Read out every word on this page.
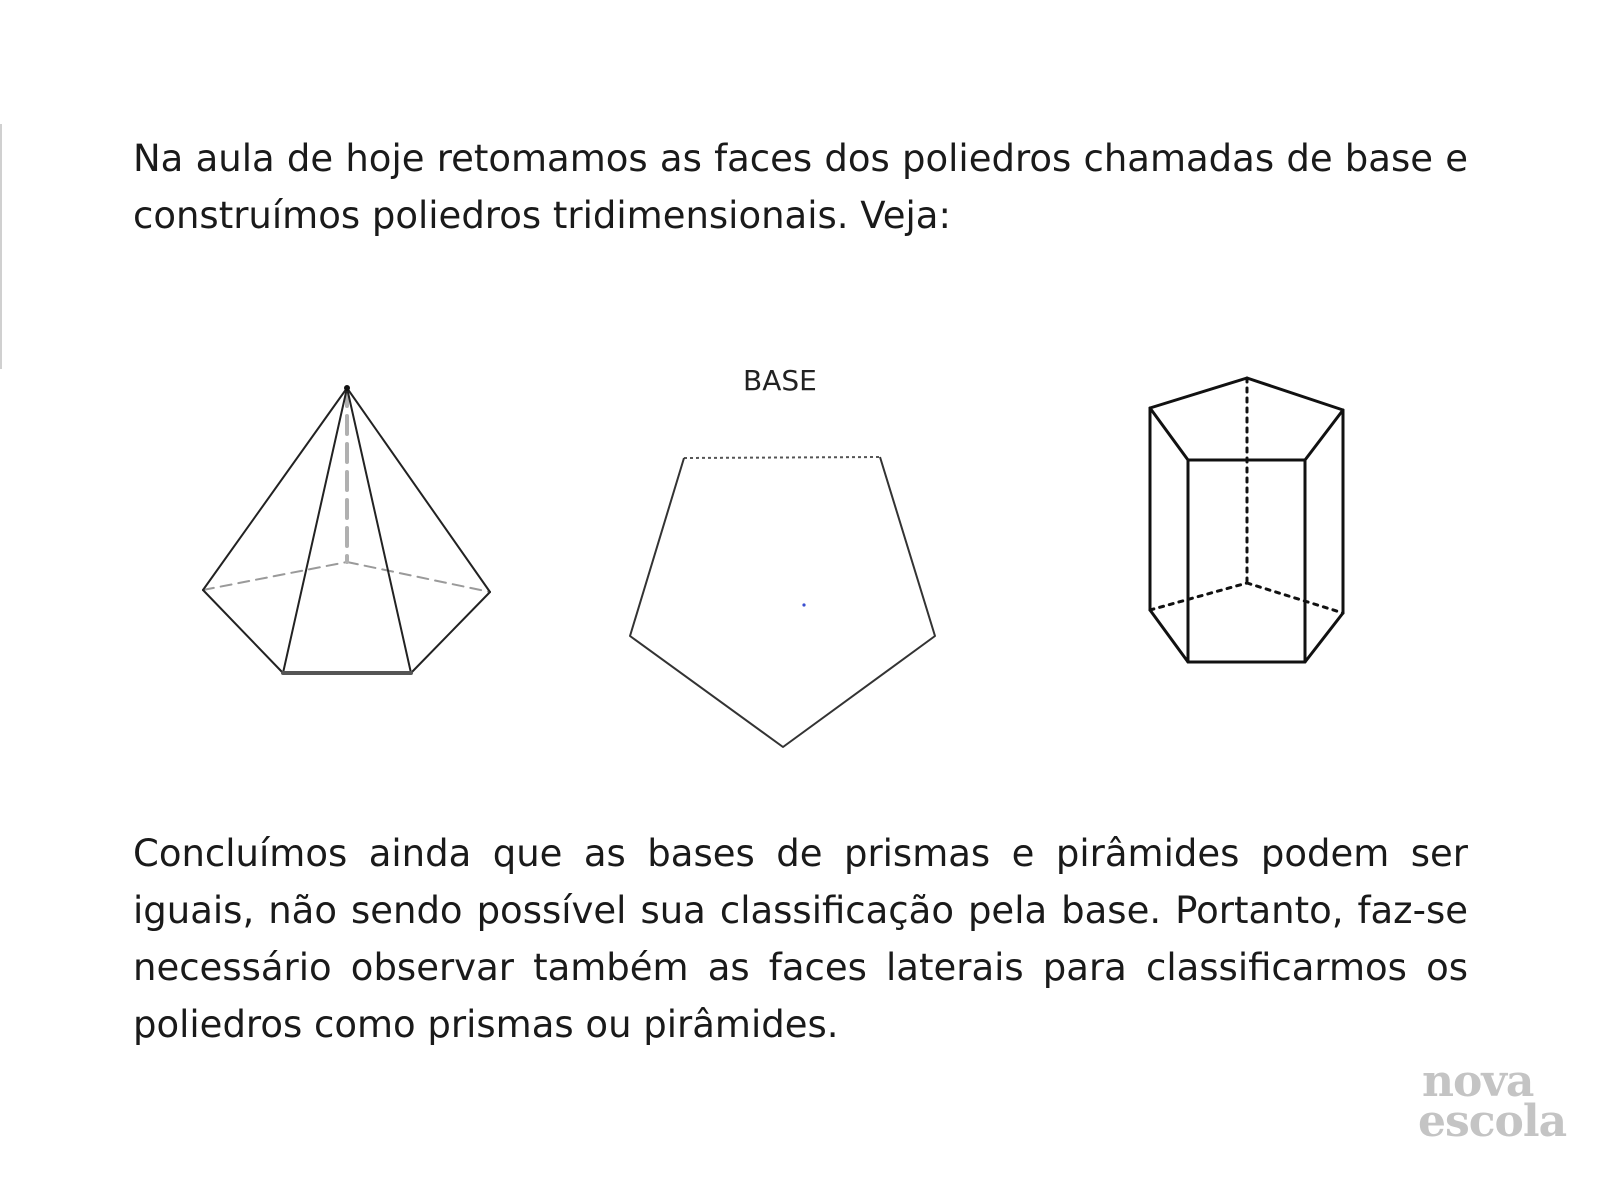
Na aula de hoje retomamos as faces dos poliedros chamadas de base e construímos poliedros tridimensionais. Veja:

BASE

Concluímos ainda que as bases de prismas e pirâmides podem ser iguais, não sendo possível sua classificação pela base. Portanto, faz-se necessário observar também as faces laterais para classificarmos os poliedros como prismas ou pirâmides.

nova
escola
